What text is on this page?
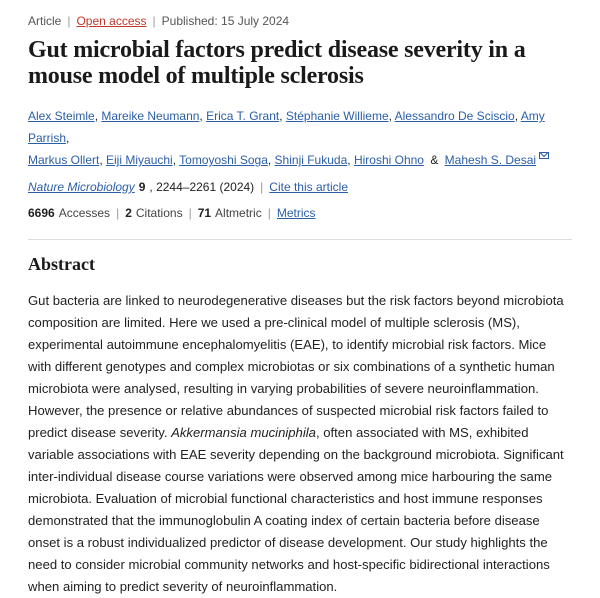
Article | Open access | Published: 15 July 2024
Gut microbial factors predict disease severity in a mouse model of multiple sclerosis
Alex Steimle, Mareike Neumann, Erica T. Grant, Stéphanie Willieme, Alessandro De Sciscio, Amy Parrish,
Markus Ollert, Eiji Miyauchi, Tomoyoshi Soga, Shinji Fukuda, Hiroshi Ohno & Mahesh S. Desai
Nature Microbiology 9 , 2244–2261 (2024) | Cite this article
6696 Accesses | 2 Citations | 71 Altmetric | Metrics
Abstract

Gut bacteria are linked to neurodegenerative diseases but the risk factors beyond microbiota composition are limited. Here we used a pre-clinical model of multiple sclerosis (MS), experimental autoimmune encephalomyelitis (EAE), to identify microbial risk factors. Mice with different genotypes and complex microbiotas or six combinations of a synthetic human microbiota were analysed, resulting in varying probabilities of severe neuroinflammation. However, the presence or relative abundances of suspected microbial risk factors failed to predict disease severity. Akkermansia muciniphila, often associated with MS, exhibited variable associations with EAE severity depending on the background microbiota. Significant inter-individual disease course variations were observed among mice harbouring the same microbiota. Evaluation of microbial functional characteristics and host immune responses demonstrated that the immunoglobulin A coating index of certain bacteria before disease onset is a robust individualized predictor of disease development. Our study highlights the need to consider microbial community networks and host-specific bidirectional interactions when aiming to predict severity of neuroinflammation.
